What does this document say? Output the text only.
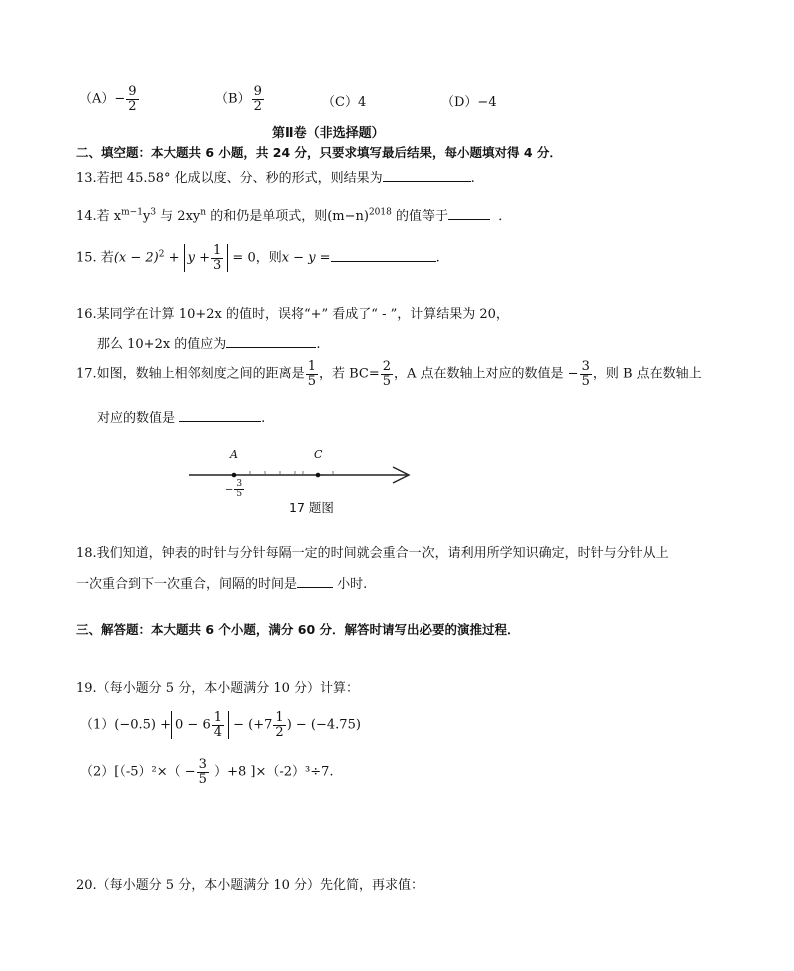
$(A)- \frac{9}{2}$	$(B) \frac{9}{2}$	（C）4	（D）−4
第Ⅱ卷（非选择题）
二、填空题：本大题共 6 小题，共 24 分，只要求填写最后结果，每小题填对得 4 分．
13.若把 45.58° 化成以度、分、秒的形式，则结果为	.
14.若 $x^{m-1}y^3$ 与 $2xy^n$ 的和仍是单项式，则$(m-n)^{2018}$ 的值等于	．
15. 若$(x - 2)^2 + y + \frac{1}{3} = 0$，则x − y =	.
16.某同学在计算 10+2x 的值时，误将“+” 看成了“ - ”，计算结果为 20，
那么 10+2x 的值应为	.
17.如图，数轴上相邻刻度之间的距离是 $\frac{1}{5}$ ，若 $BC= \frac{2}{5}$ ，A 点在数轴上对应的数值是 − $\frac{3}{5}$ ，则 B 点在数轴上
对应的数值是	.
A	C
− $\frac{3}{5}$
17 题图
18.我们知道，钟表的时针与分针每隔一定的时间就会重合一次，请利用所学知识确定，时针与分针从上
一次重合到下一次重合，间隔的时间是	小时.
三、解答题：本大题共 6 个小题，满分 60 分．解答时请写出必要的演推过程．
19.（每小题分 5 分，本小题满分 10 分）计算：
$(1)(-0.5) + 0 - 6 \frac{1}{4} - (+7 \frac{1}{2}$ ) − (−4.75)
$(2)[(-5)^2\times( - \frac{3}{5} )+8$ ]×（-2）³÷7.
20.（每小题分 5 分，本小题满分 10 分）先化简，再求值：
